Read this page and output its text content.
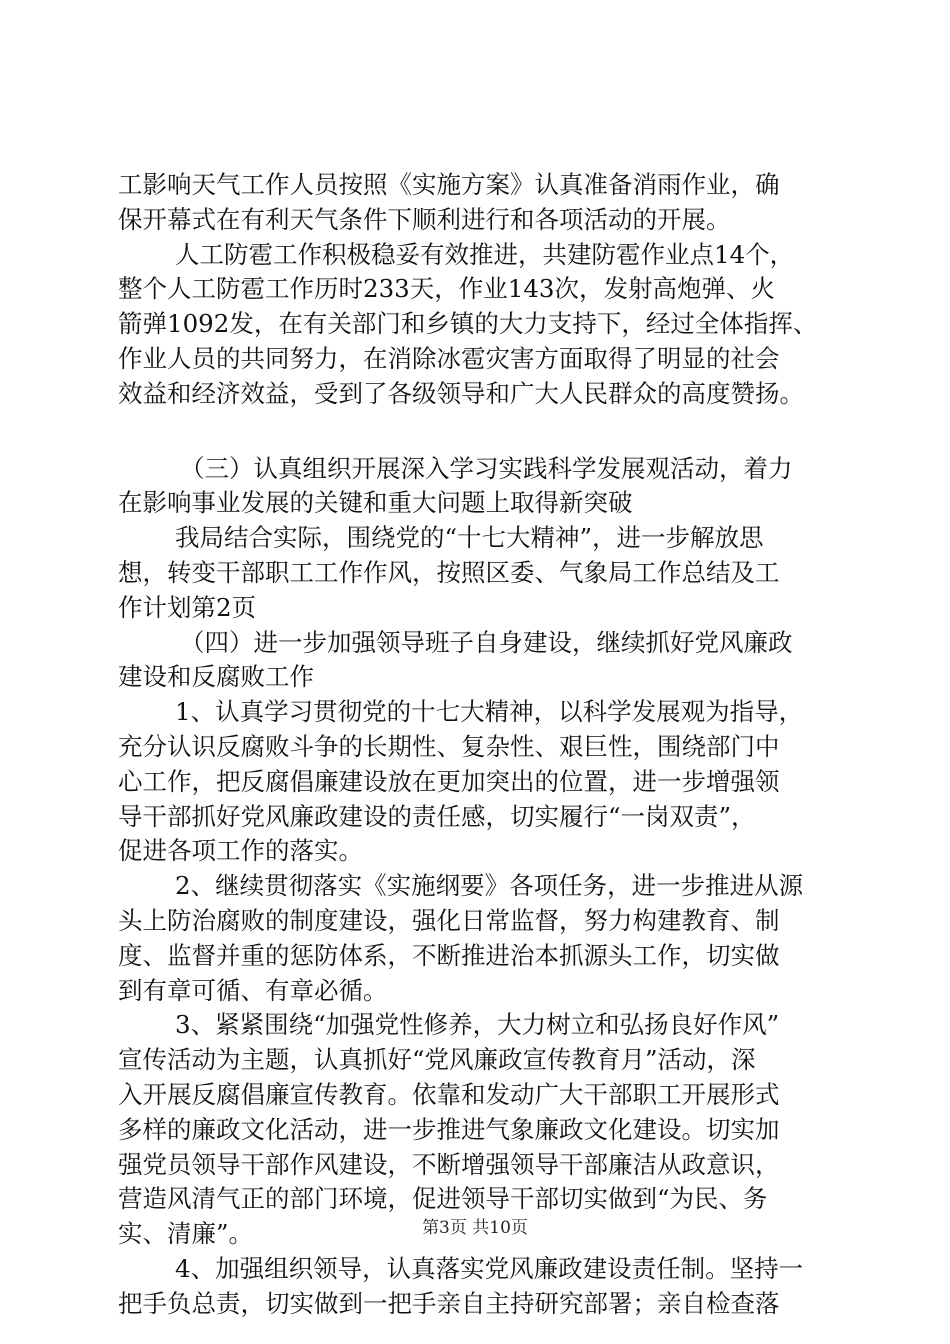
工影响天气工作人员按照《实施方案》认真准备消雨作业，确
保开幕式在有利天气条件下顺利进行和各项活动的开展。
人工防雹工作积极稳妥有效推进，共建防雹作业点14个，
整个人工防雹工作历时233天，作业143次，发射高炮弹、火
箭弹1092发，在有关部门和乡镇的大力支持下，经过全体指挥、
作业人员的共同努力，在消除冰雹灾害方面取得了明显的社会
效益和经济效益，受到了各级领导和广大人民群众的高度赞扬。
（三）认真组织开展深入学习实践科学发展观活动，着力
在影响事业发展的关键和重大问题上取得新突破
我局结合实际，围绕党的“十七大精神”，进一步解放思
想，转变干部职工工作作风，按照区委、气象局工作总结及工
作计划第2页
（四）进一步加强领导班子自身建设，继续抓好党风廉政
建设和反腐败工作
1、认真学习贯彻党的十七大精神，以科学发展观为指导，
充分认识反腐败斗争的长期性、复杂性、艰巨性，围绕部门中
心工作，把反腐倡廉建设放在更加突出的位置，进一步增强领
导干部抓好党风廉政建设的责任感，切实履行“一岗双责”，
促进各项工作的落实。
2、继续贯彻落实《实施纲要》各项任务，进一步推进从源
头上防治腐败的制度建设，强化日常监督，努力构建教育、制
度、监督并重的惩防体系，不断推进治本抓源头工作，切实做
到有章可循、有章必循。
3、紧紧围绕“加强党性修养，大力树立和弘扬良好作风”
宣传活动为主题，认真抓好“党风廉政宣传教育月”活动，深
入开展反腐倡廉宣传教育。依靠和发动广大干部职工开展形式
多样的廉政文化活动，进一步推进气象廉政文化建设。切实加
强党员领导干部作风建设，不断增强领导干部廉洁从政意识，
营造风清气正的部门环境，促进领导干部切实做到“为民、务
实、清廉”。
4、加强组织领导，认真落实党风廉政建设责任制。坚持一
把手负总责，切实做到一把手亲自主持研究部署；亲自检查落
第3页 共10页
